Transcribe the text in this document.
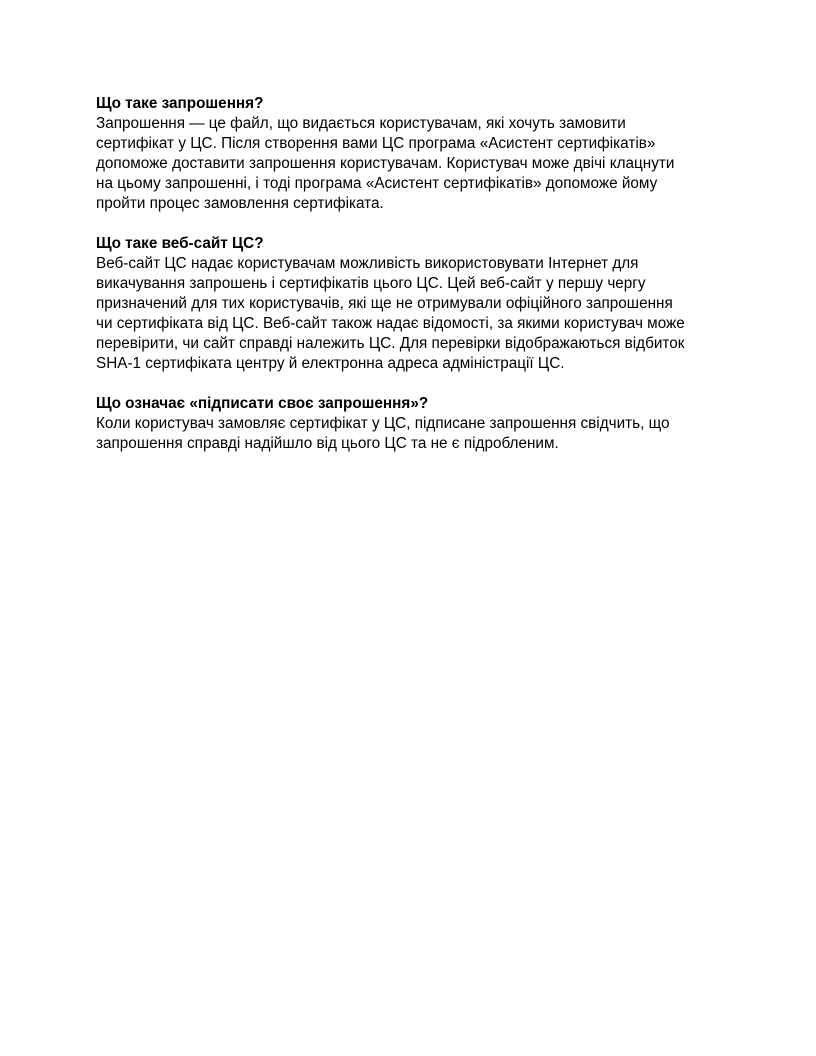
Що таке запрошення?
Запрошення — це файл, що видається користувачам, які хочуть замовити
сертифікат у ЦС. Після створення вами ЦС програма «Асистент сертифікатів»
допоможе доставити запрошення користувачам. Користувач може двічі клацнути
на цьому запрошенні, і тоді програма «Асистент сертифікатів» допоможе йому
пройти процес замовлення сертифіката.
Що таке веб-сайт ЦС?
Веб-сайт ЦС надає користувачам можливість використовувати Інтернет для
викачування запрошень і сертифікатів цього ЦС. Цей веб-сайт у першу чергу
призначений для тих користувачів, які ще не отримували офіційного запрошення
чи сертифіката від ЦС. Веб-сайт також надає відомості, за якими користувач може
перевірити, чи сайт справді належить ЦС. Для перевірки відображаються відбиток
SHA-1 сертифіката центру й електронна адреса адміністрації ЦС.
Що означає «підписати своє запрошення»?
Коли користувач замовляє сертифікат у ЦС, підписане запрошення свідчить, що
запрошення справді надійшло від цього ЦС та не є підробленим.
